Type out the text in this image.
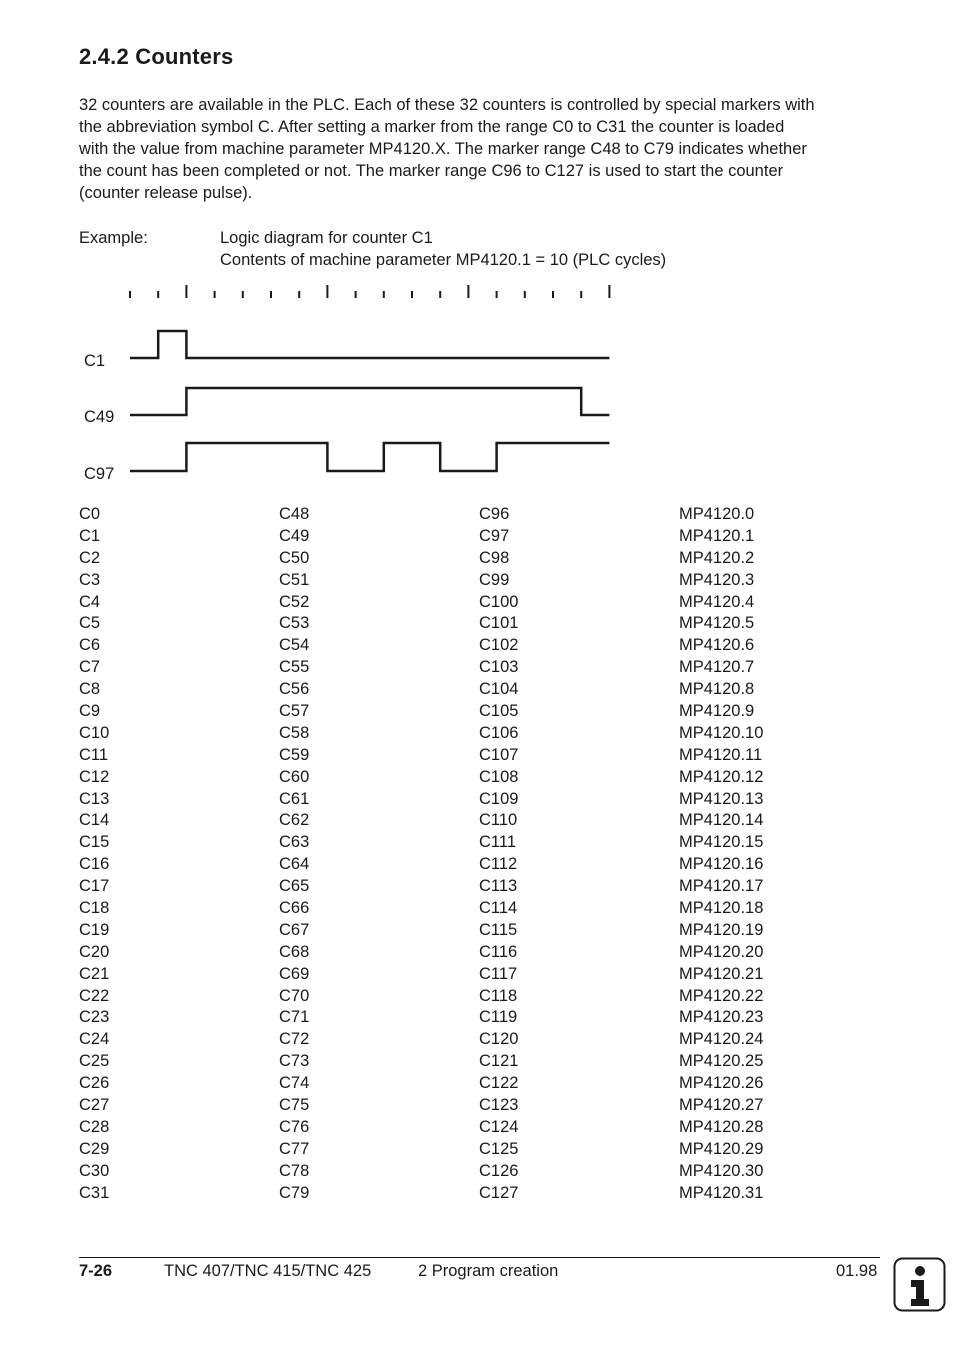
2.4.2 Counters
32 counters are available in the PLC. Each of these 32 counters is controlled by special markers with
the abbreviation symbol C. After setting a marker from the range C0 to C31 the counter is loaded
with the value from machine parameter MP4120.X. The marker range C48 to C79 indicates whether
the count has been completed or not. The marker range C96 to C127 is used to start the counter
(counter release pulse).
Example:	Logic diagram for counter C1
Contents of machine parameter MP4120.1 = 10 (PLC cycles)
C1
C49
C97
C0	C48	C96	MP4120.0
C1	C49	C97	MP4120.1
C2	C50	C98	MP4120.2
C3	C51	C99	MP4120.3
C4	C52	C100	MP4120.4
C5	C53	C101	MP4120.5
C6	C54	C102	MP4120.6
C7	C55	C103	MP4120.7
C8	C56	C104	MP4120.8
C9	C57	C105	MP4120.9
C10	C58	C106	MP4120.10
C11	C59	C107	MP4120.11
C12	C60	C108	MP4120.12
C13	C61	C109	MP4120.13
C14	C62	C110	MP4120.14
C15	C63	C111	MP4120.15
C16	C64	C112	MP4120.16
C17	C65	C113	MP4120.17
C18	C66	C114	MP4120.18
C19	C67	C115	MP4120.19
C20	C68	C116	MP4120.20
C21	C69	C117	MP4120.21
C22	C70	C118	MP4120.22
C23	C71	C119	MP4120.23
C24	C72	C120	MP4120.24
C25	C73	C121	MP4120.25
C26	C74	C122	MP4120.26
C27	C75	C123	MP4120.27
C28	C76	C124	MP4120.28
C29	C77	C125	MP4120.29
C30	C78	C126	MP4120.30
C31	C79	C127	MP4120.31
7-26	TNC 407/TNC 415/TNC 425	2 Program creation	01.98
